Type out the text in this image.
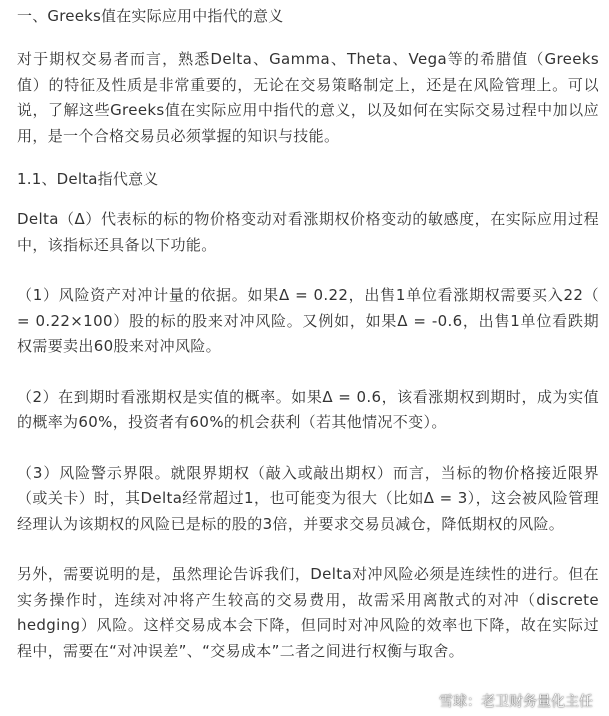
一、Greeks值在实际应用中指代的意义

对于期权交易者而言，熟悉Delta、Gamma、Theta、Vega等的希腊值（Greeks值）的特征及性质是非常重要的，无论在交易策略制定上，还是在风险管理上。可以说，了解这些Greeks值在实际应用中指代的意义，以及如何在实际交易过程中加以应用，是一个合格交易员必须掌握的知识与技能。

1.1、Delta指代意义

Delta（Δ）代表标的标的物价格变动对看涨期权价格变动的敏感度，在实际应用过程中，该指标还具备以下功能。

（1）风险资产对冲计量的依据。如果Δ = 0.22，出售1单位看涨期权需要买入22（ = 0.22×100）股的标的股来对冲风险。又例如，如果Δ = -0.6，出售1单位看跌期权需要卖出60股来对冲风险。

（2）在到期时看涨期权是实值的概率。如果Δ = 0.6，该看涨期权到期时，成为实值的概率为60%，投资者有60%的机会获利（若其他情况不变）。

（3）风险警示界限。就限界期权（敲入或敲出期权）而言，当标的物价格接近限界（或关卡）时，其Delta经常超过1，也可能变为很大（比如Δ = 3），这会被风险管理经理认为该期权的风险已是标的股的3倍，并要求交易员减仓，降低期权的风险。

另外，需要说明的是，虽然理论告诉我们，Delta对冲风险必须是连续性的进行。但在实务操作时，连续对冲将产生较高的交易费用，故需采用离散式的对冲（discrete hedging）风险。这样交易成本会下降，但同时对冲风险的效率也下降，故在实际过程中，需要在“对冲误差”、“交易成本”二者之间进行权衡与取舍。

雪球：老卫财务量化主任
